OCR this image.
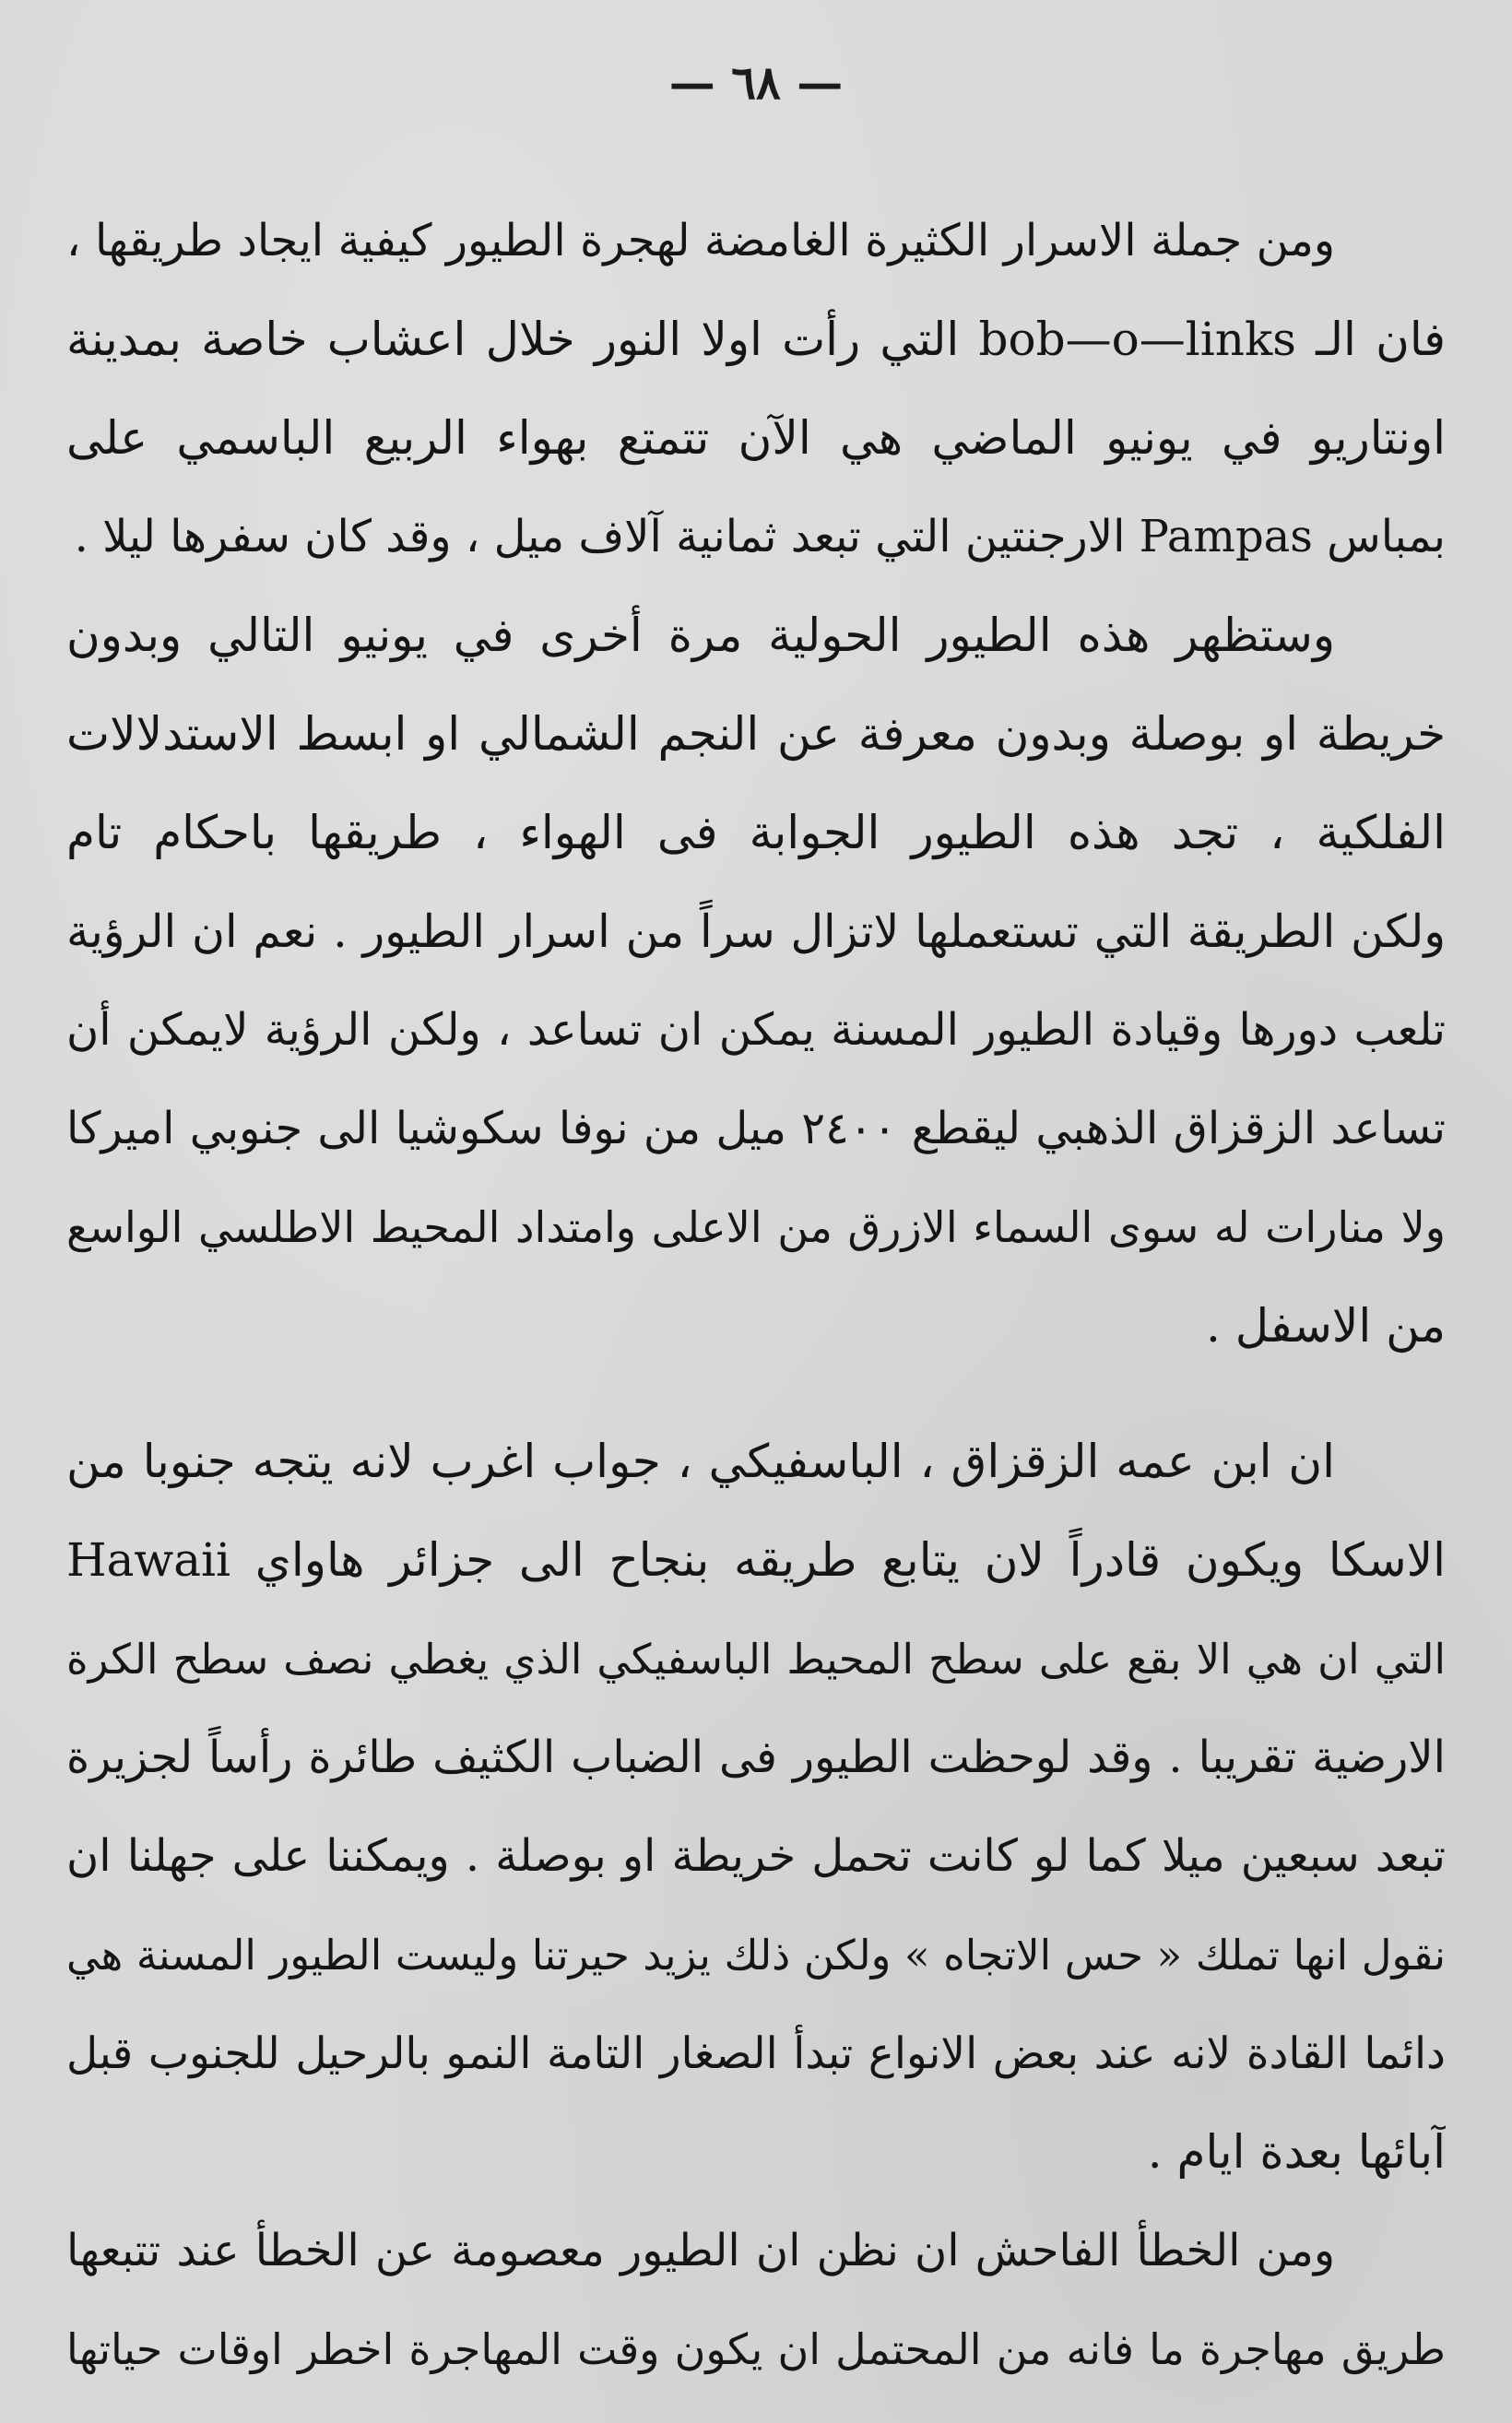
— ٦٨ —
ومن جملة الاسرار الكثيرة الغامضة لهجرة الطيور كيفية ايجاد طريقها ،
فان الـ bob—o—links التي رأت اولا النور خلال اعشاب خاصة بمدينة
اونتاريو في يونيو الماضي هي الآن تتمتع بهواء الربيع الباسمي على
بمباس Pampas الارجنتين التي تبعد ثمانية آلاف ميل ، وقد كان سفرها ليلا .
وستظهر هذه الطيور الحولية مرة أخرى في يونيو التالي وبدون
خريطة او بوصلة وبدون معرفة عن النجم الشمالي او ابسط الاستدلالات
الفلكية ، تجد هذه الطيور الجوابة فى الهواء ، طريقها باحكام تام
ولكن الطريقة التي تستعملها لاتزال سراً من اسرار الطيور . نعم ان الرؤية
تلعب دورها وقيادة الطيور المسنة يمكن ان تساعد ، ولكن الرؤية لايمكن أن
تساعد الزقزاق الذهبي ليقطع ٢٤٠٠ ميل من نوفا سكوشيا الى جنوبي اميركا
ولا منارات له سوى السماء الازرق من الاعلى وامتداد المحيط الاطلسي الواسع
من الاسفل .
ان ابن عمه الزقزاق ، الباسفيكي ، جواب اغرب لانه يتجه جنوبا من
الاسكا ويكون قادراً لان يتابع طريقه بنجاح الى جزائر هاواي Hawaii
التي ان هي الا بقع على سطح المحيط الباسفيكي الذي يغطي نصف سطح الكرة
الارضية تقريبا . وقد لوحظت الطيور فى الضباب الكثيف طائرة رأساً لجزيرة
تبعد سبعين ميلا كما لو كانت تحمل خريطة او بوصلة . ويمكننا على جهلنا ان
نقول انها تملك « حس الاتجاه » ولكن ذلك يزيد حيرتنا وليست الطيور المسنة هي
دائما القادة لانه عند بعض الانواع تبدأ الصغار التامة النمو بالرحيل للجنوب قبل
آبائها بعدة ايام .
ومن الخطأ الفاحش ان نظن ان الطيور معصومة عن الخطأ عند تتبعها
طريق مهاجرة ما فانه من المحتمل ان يكون وقت المهاجرة اخطر اوقات حياتها
